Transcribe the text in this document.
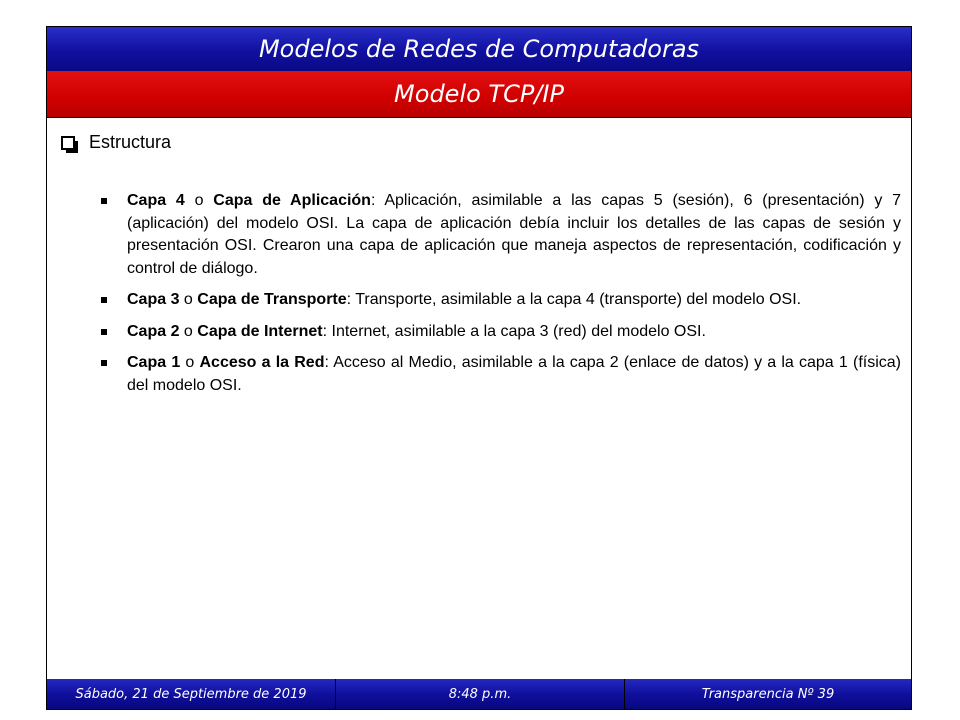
Modelos de Redes de Computadoras
Modelo TCP/IP
Estructura
Capa 4 o Capa de Aplicación: Aplicación, asimilable a las capas 5 (sesión), 6 (presentación) y 7 (aplicación) del modelo OSI. La capa de aplicación debía incluir los detalles de las capas de sesión y presentación OSI. Crearon una capa de aplicación que maneja aspectos de representación, codificación y control de diálogo.
Capa 3 o Capa de Transporte: Transporte, asimilable a la capa 4 (transporte) del modelo OSI.
Capa 2 o Capa de Internet: Internet, asimilable a la capa 3 (red) del modelo OSI.
Capa 1 o Acceso a la Red: Acceso al Medio, asimilable a la capa 2 (enlace de datos) y a la capa 1 (física) del modelo OSI.
Sábado, 21 de Septiembre de 2019	8:48 p.m.	Transparencia Nº 39
